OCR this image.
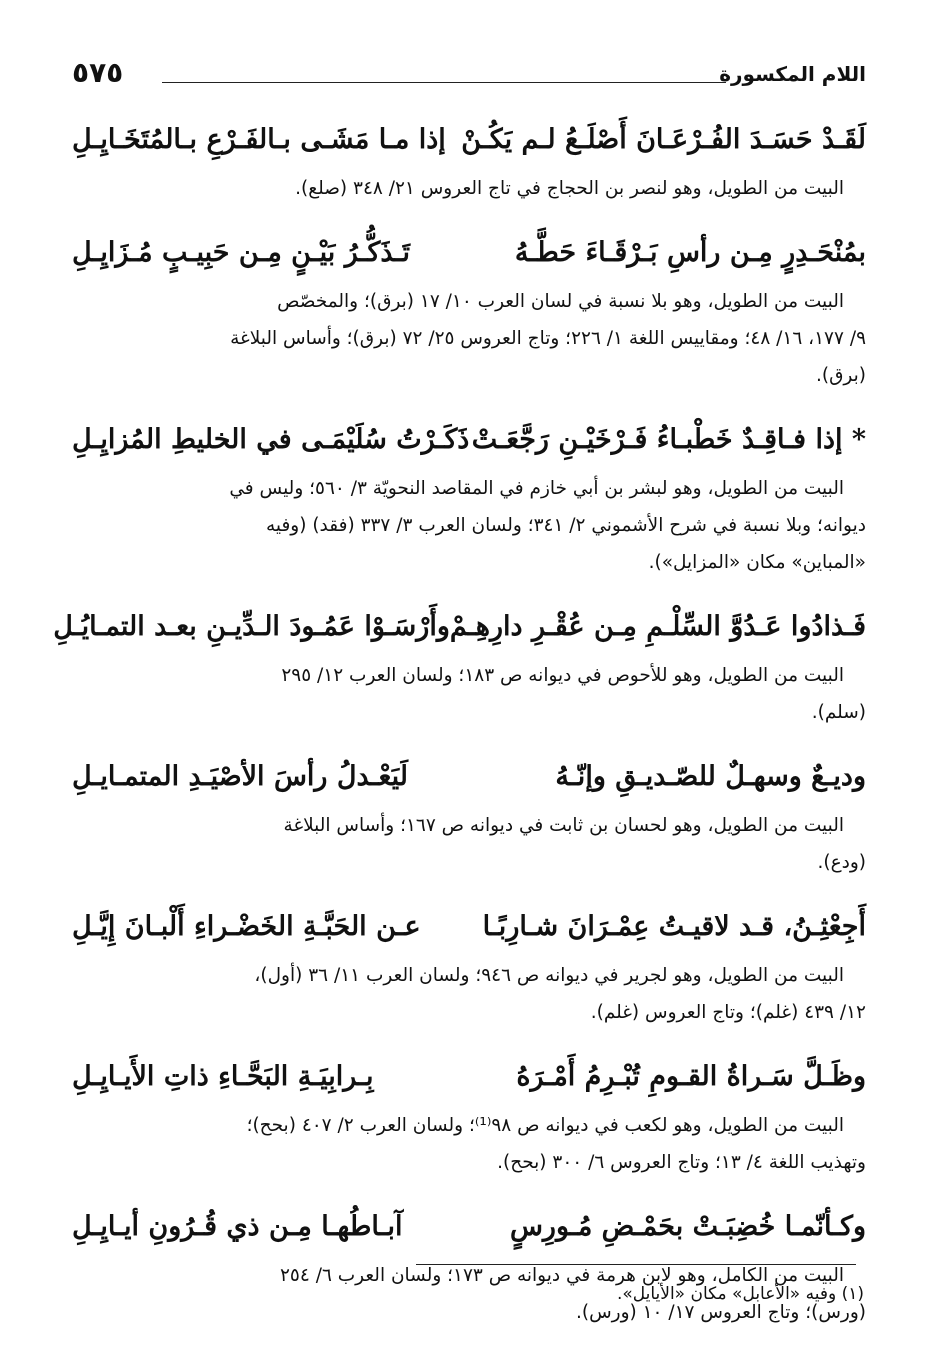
اللام المكسورة
٥٧٥
لَقَـدْ حَسَـدَ الفُـرْعَـانَ أَصْلَـعُ لـم يَكُـنْ
إذا مـا مَشَـى بـالفَـرْعِ بـالمُتَخَـايِـلِ
البيت من الطويل، وهو لنصر بن الحجاج في تاج العروس ٢١/ ٣٤٨ (صلع).
بمُنْحَـدِرٍ مِـن رأسِ بَـرْقَـاءَ حَطَّـهُ
تَـذَكُّـرُ بَيْـنٍ مِـن حَبِيـبٍ مُـزَايِـلِ
البيت من الطويل، وهو بلا نسبة في لسان العرب ١٠/ ١٧ (برق)؛ والمخصّص
٩/ ١٧٧، ١٦/ ٤٨؛ ومقاييس اللغة ١/ ٢٢٦؛ وتاج العروس ٢٥/ ٧٢ (برق)؛ وأساس البلاغة
(برق).
* إذا فـاقِـدٌ خَطْبـاءُ فَـرْخَيْـنِ رَجَّعَـتْ
ذَكَـرْتُ سُلَيْمَـى في الخليطِ المُزايِـلِ
البيت من الطويل، وهو لبشر بن أبي خازم في المقاصد النحويّة ٣/ ٥٦٠؛ وليس في
ديوانه؛ وبلا نسبة في شرح الأشموني ٢/ ٣٤١؛ ولسان العرب ٣/ ٣٣٧ (فقد) (وفيه
«المباين» مكان «المزايل»).
فَـذادُوا عَـدُوَّ السِّلْـمِ مِـن عُقْـرِ دارِهِـمْ
وأَرْسَـوْا عَمُـودَ الـدِّيـنِ بعـد التمـايُـلِ
البيت من الطويل، وهو للأحوص في ديوانه ص ١٨٣؛ ولسان العرب ١٢/ ٢٩٥
(سلم).
وديـعٌ وسهـلٌ للصّـديـقِ وإنّـهُ
لَيَعْـدلُ رأسَ الأصْيَـدِ المتمـايـلِ
البيت من الطويل، وهو لحسان بن ثابت في ديوانه ص ١٦٧؛ وأساس البلاغة
(ودع).
أَجِعْثِـنُ، قـد لاقيـتُ عِمْـرَانَ شـارِبًـا
عـن الحَبَّـةِ الخَضْـراءِ أَلْبـانَ إِيَّـلِ
البيت من الطويل، وهو لجرير في ديوانه ص ٩٤٦؛ ولسان العرب ١١/ ٣٦ (أول)،
١٢/ ٤٣٩ (غلم)؛ وتاج العروس (غلم).
وظَـلَّ سَـراةُ القـومِ تُبْـرِمُ أَمْـرَهُ
بِـرابِيَـةِ البَحَّـاءِ ذاتِ الأَيـايِـلِ
البيت من الطويل، وهو لكعب في ديوانه ص ٩٨⁽¹⁾؛ ولسان العرب ٢/ ٤٠٧ (بحح)؛
وتهذيب اللغة ٤/ ١٣؛ وتاج العروس ٦/ ٣٠٠ (بحح).
وكـأنّمـا خُضِبَـتْ بحَمْـضِ مُـورِسٍ
آبـاطُهـا مِـن ذي قُـرُونِ أيـايِـلِ
البيت من الكامل، وهو لابن هرمة في ديوانه ص ١٧٣؛ ولسان العرب ٦/ ٢٥٤
(ورس)؛ وتاج العروس ١٧/ ١٠ (ورس).
(١) وفيه «الأعابل» مكان «الأيايل».
